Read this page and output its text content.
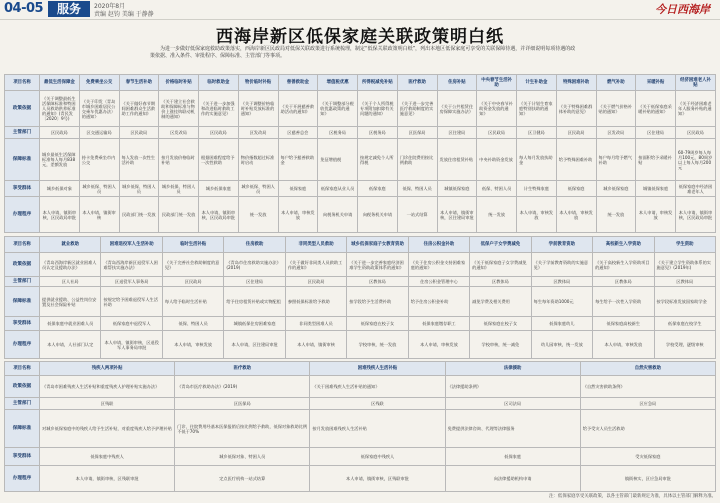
04-05	服务	2020年8月
责编 赵钧 美编 于静静	今日西海岸
西海岸新区低保家庭关联政策明白纸
为进一步做好低保家庭救助政策落实，西海岸新区民政局对低保关联政策进行系统梳理，制定“低保关联政策明白纸”，列出本地区低保家庭可享受的关联保障待遇，并详细说明每项待遇的政策依据、准入条件、审批程序、保障标准、主管部门等事项。
项目名称	最低生活保障金	免费乘坐公交	春节生活补助	价格临时补贴	临时救助金	物价临时补贴	慈善救助金	增值税优惠	所得税减免补贴	医疗救助	住房补贴	中央春节生活补助	计生补助金	特殊困难补助	燃气补助	采暖补贴	经济困难老人补贴
政策依据	《关于调整最低生活保障标准和特困人员救助供养标准的通知》(青民发〔2020〕9号)	《关于印发〈青岛市城乡困难居民公交乘车优惠办法〉的通知》	《关于做好春节期间困难群众生活救助工作的通知》	《关于建立社会救助和保障标准与物价上涨挂钩联动机制的通知》	《关于进一步加强和改进临时救助工作的实施意见》	《关于调整价格临时补贴发放标准的通知》	《关于开展慈善救助活动的通知》	《关于调整部分税收优惠政策的通知》	《关于个人所得税专项附加扣除有关问题的通知》	《关于进一步完善医疗救助制度的实施意见》	《关于公共租赁住房保障实施办法》	《关于中央春节补助资金发放的通知》	《关于计划生育家庭特别扶助的通知》	《关于特殊困难群体补助的意见》	《关于燃气价格补贴的通知》	《关于低保家庭采暖补贴的通知》	《关于经济困难老年人服务补贴的通知》
主管部门	区民政局	区交通运输局	区民政局	区发改局	区民政局	区发改局	区慈善总会	区税务局	区税务局	区医保局	区住建局	区民政局	区卫健局	区民政局	区发改局	区住建局	区民政局
保障标准	城乡最低生活保障标准每人每月838元，差额发放	持卡免费乘坐市内公交	每人发放一次性生活补助	按月发放价格临时补贴	根据困难程度给予一次性救助	物价指数超过标准时启动	每户给予慈善救助金	免征增值税	按规定减免个人所得税	门诊住院费用按比例救助	发放住房租赁补贴	中央补助资金发放	每人每月发放扶助金	给予特殊困难补助	每户每月给予燃气补助	按面积给予采暖补贴	60-79周岁每人每月100元，80周岁以上每人每月200元
享受群体	城乡低保对象	城乡低保、特困人员	城乡低保、特困人员	城乡低保、特困人员	城乡低保家庭	城乡低保、特困人员	低保家庭	低保家庭从业人员	低保家庭	低保、特困人员	城镇低保家庭	低保、特困人员	计生特殊家庭	低保家庭	城乡低保家庭	城镇低保家庭	低保家庭中经济困难老年人
办理程序	本人申请，镇街审核，区民政局审批	本人申请，镇街审核	民政部门统一发放	民政部门统一发放	本人申请，镇街审核，区民政局审批	统一发放	本人申请，审核发放	向税务机关申请	向税务机关申请	一站式结算	本人申请，镇街审核，区住建局审批	统一发放	本人申请，审核发放	本人申请，审核发放	统一发放	本人申请，审核发放	本人申请，镇街审核，区民政局审批
项目名称	就业救助	困难退役军人生活补助	临时生活补贴	住房救助	非同类型人员救助	城乡低保家庭子女教育资助	住房公积金补助	低保户子女学费减免	学前教育资助	高校新生入学资助	学生资助
政策依据	《青岛西海岸新区就业困难人员认定及援助办法》	《青岛西海岸新区退役军人困难帮扶实施办法》	《关于完善社会救助制度的意见》	《青岛市住房救助实施办法》(2019)	《关于做好非同类人员救助工作的通知》	《关于进一步完善家庭经济困难学生资助政策体系的通知》	《关于住房公积金支持困难家庭的通知》	《关于低保家庭子女学费减免的通知》	《关于学前教育资助的实施意见》	《关于高校新生入学资助项目的通知》	《关于建立学生资助体系的实施意见》(2019年)
主管部门	区人社局	区退役军人事务局	区民政局	区住建局	区民政局	区教体局	住房公积金管理中心	区教体局	区教体局	区教体局	区教体局
保障标准	提供就业援助、公益性岗位安置及社会保险补贴	按规定给予困难退役军人生活补助	每人给予临时生活补贴	给予住房租赁补贴或实物配租	参照低保标准给予救助	按学段给予生活费补助	给予住房公积金补助	减免学费及相关费用	每生每年资助1000元	每生给予一次性入学资助	按学段标准发放国家助学金
享受群体	低保家庭中就业困难人员	低保家庭中退役军人	低保、特困人员	城镇低保住房困难家庭	非同类型困难人员	低保家庭在校子女	低保家庭缴存职工	低保家庭在校子女	低保家庭幼儿	低保家庭高校新生	低保家庭在校学生
办理程序	本人申请，人社部门认定	本人申请，镇街审核，区退役军人事务局审批	本人申请，审核发放	本人申请，区住建局审批	本人申请，镇街审核	学校审核，统一发放	本人申请，审核发放	学校审核，统一减免	幼儿园审核，统一发放	本人申请，审核发放	学校受理，逐级审核
项目名称	残疾人两项补贴	医疗救助	困难残疾人生活补贴	法律援助	自然灾害救助
政策依据	《青岛市困难残疾人生活补贴和重度残疾人护理补贴实施办法》	《青岛市医疗救助办法》(2019)	《关于困难残疾人生活补贴的通知》	《法律援助条例》	《自然灾害救助条例》
主管部门	区残联	区医保局	区残联	区司法局	区应急局
保障标准	对城乡低保家庭中的残疾人给予生活补贴，对重度残疾人给予护理补贴	门诊、住院费用经基本医保报销后按比例给予救助，低保对象救助比例不低于70%	按月发放困难残疾人生活补贴	免费提供法律咨询、代理等法律服务	给予受灾人员生活救助
享受群体	低保家庭中残疾人	城乡低保对象、特困人员	低保家庭中残疾人	低保家庭	受灾低保家庭
办理程序	本人申请，镇街审核，区残联审批	定点医疗机构一站式结算	本人申请，镇街审核，区残联审批	向法律援助机构申请	镇街核实，区应急局审批
注：低保家庭享受关联政策，以各主管部门最新规定为准，具体以主管部门解释为准。
